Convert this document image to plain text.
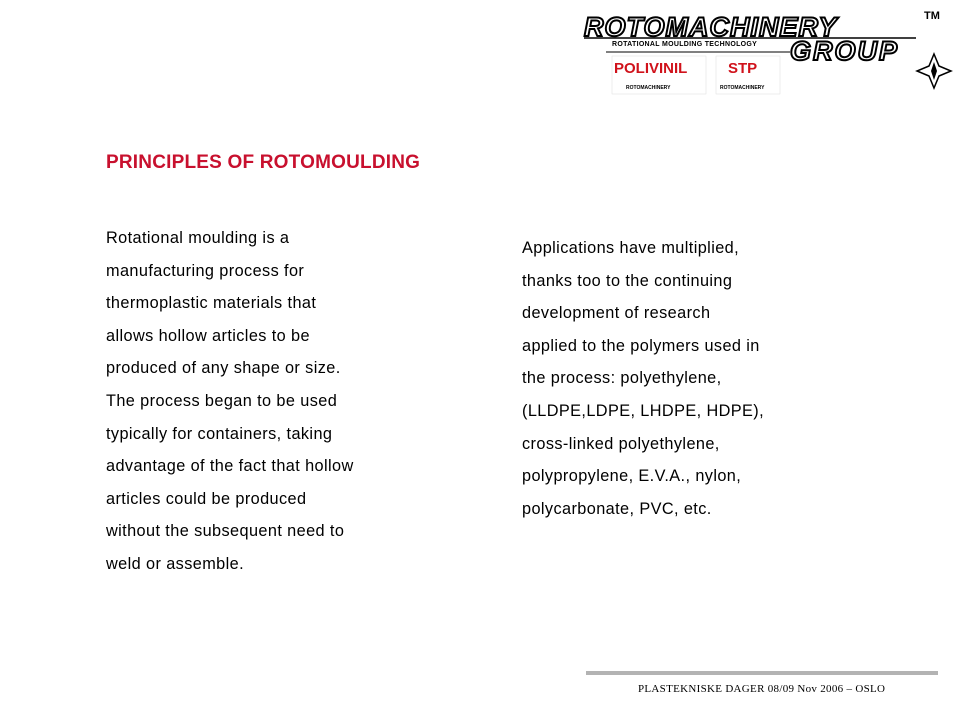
ROTOMACHINERY	TM
ROTATIONAL MOULDING TECHNOLOGY GROUP
POLIVINIL
ROTOMACHINERY
STP
ROTOMACHINERY
PRINCIPLES OF ROTOMOULDING
Rotational moulding is a
manufacturing process for
thermoplastic materials that
allows hollow articles to be
produced of any shape or size.
The process began to be used
typically for containers, taking
advantage of the fact that hollow
articles could be produced
without the subsequent need to
weld or assemble.
Applications have multiplied,
thanks too to the continuing
development of research
applied to the polymers used in
the process: polyethylene,
(LLDPE,LDPE, LHDPE, HDPE),
cross-linked polyethylene,
polypropylene, E.V.A., nylon,
polycarbonate, PVC, etc.
PLASTEKNISKE DAGER 08/09 Nov 2006 – OSLO
